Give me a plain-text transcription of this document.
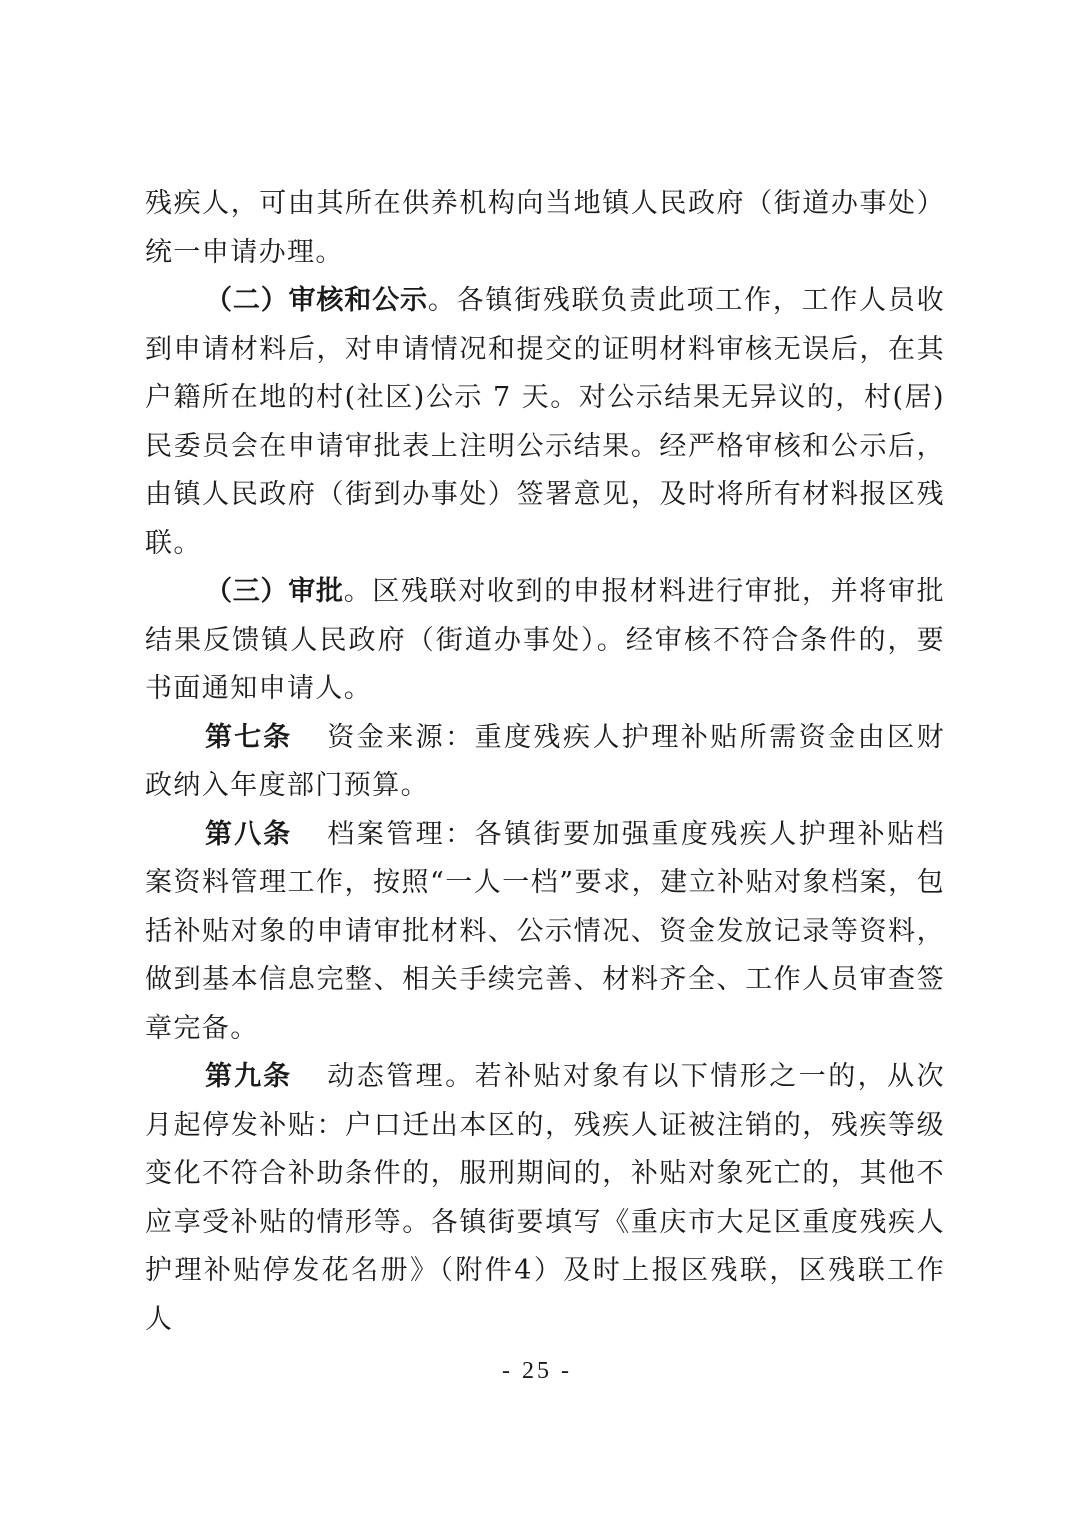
残疾人，可由其所在供养机构向当地镇人民政府（街道办事处）统一申请办理。

（二）审核和公示。各镇街残联负责此项工作，工作人员收到申请材料后，对申请情况和提交的证明材料审核无误后，在其户籍所在地的村(社区)公示 7 天。对公示结果无异议的，村(居)民委员会在申请审批表上注明公示结果。经严格审核和公示后，由镇人民政府（街到办事处）签署意见，及时将所有材料报区残联。

（三）审批。区残联对收到的申报材料进行审批，并将审批结果反馈镇人民政府（街道办事处）。经审核不符合条件的，要书面通知申请人。

第七条 资金来源：重度残疾人护理补贴所需资金由区财政纳入年度部门预算。

第八条 档案管理：各镇街要加强重度残疾人护理补贴档案资料管理工作，按照“一人一档”要求，建立补贴对象档案，包括补贴对象的申请审批材料、公示情况、资金发放记录等资料，做到基本信息完整、相关手续完善、材料齐全、工作人员审查签章完备。

第九条 动态管理。若补贴对象有以下情形之一的，从次月起停发补贴：户口迁出本区的，残疾人证被注销的，残疾等级变化不符合补助条件的，服刑期间的，补贴对象死亡的，其他不应享受补贴的情形等。各镇街要填写《重庆市大足区重度残疾人护理补贴停发花名册》（附件4）及时上报区残联，区残联工作人

- 25 -
